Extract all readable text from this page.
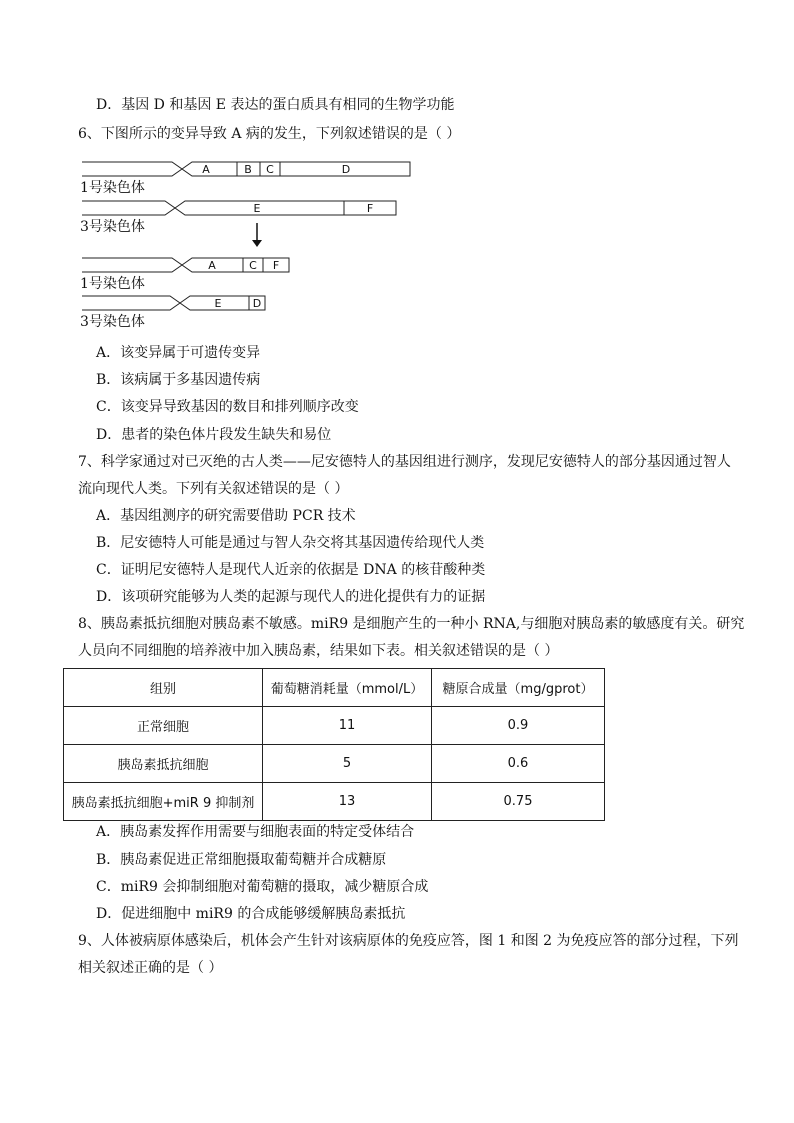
D．基因 D 和基因 E 表达的蛋白质具有相同的生物学功能
6、下图所示的变异导致 A 病的发生，下列叙述错误的是（ ）
A	B C	D
E	F
A	C F
E	D
1号染色体
3号染色体
1号染色体
3号染色体
A．该变异属于可遗传变异
B．该病属于多基因遗传病
C．该变异导致基因的数目和排列顺序改变
D．患者的染色体片段发生缺失和易位
7、科学家通过对已灭绝的古人类——尼安德特人的基因组进行测序，发现尼安德特人的部分基因通过智人
流向现代人类。下列有关叙述错误的是（ ）
A．基因组测序的研究需要借助 PCR 技术
B．尼安德特人可能是通过与智人杂交将其基因遗传给现代人类
C．证明尼安德特人是现代人近亲的依据是 DNA 的核苷酸种类
D．该项研究能够为人类的起源与现代人的进化提供有力的证据
8、胰岛素抵抗细胞对胰岛素不敏感。miR9 是细胞产生的一种小 RNA,与细胞对胰岛素的敏感度有关。研究
人员向不同细胞的培养液中加入胰岛素，结果如下表。相关叙述错误的是（ ）
组别	葡萄糖消耗量（mmol/L）	糖原合成量（mg/gprot）
正常细胞	11	0.9
胰岛素抵抗细胞	5	0.6
胰岛素抵抗细胞+miR 9 抑制剂	13	0.75
A．胰岛素发挥作用需要与细胞表面的特定受体结合
B．胰岛素促进正常细胞摄取葡萄糖并合成糖原
C．miR9 会抑制细胞对葡萄糖的摄取，减少糖原合成
D．促进细胞中 miR9 的合成能够缓解胰岛素抵抗
9、人体被病原体感染后，机体会产生针对该病原体的免疫应答，图 1 和图 2 为免疫应答的部分过程，下列
相关叙述正确的是（ ）
